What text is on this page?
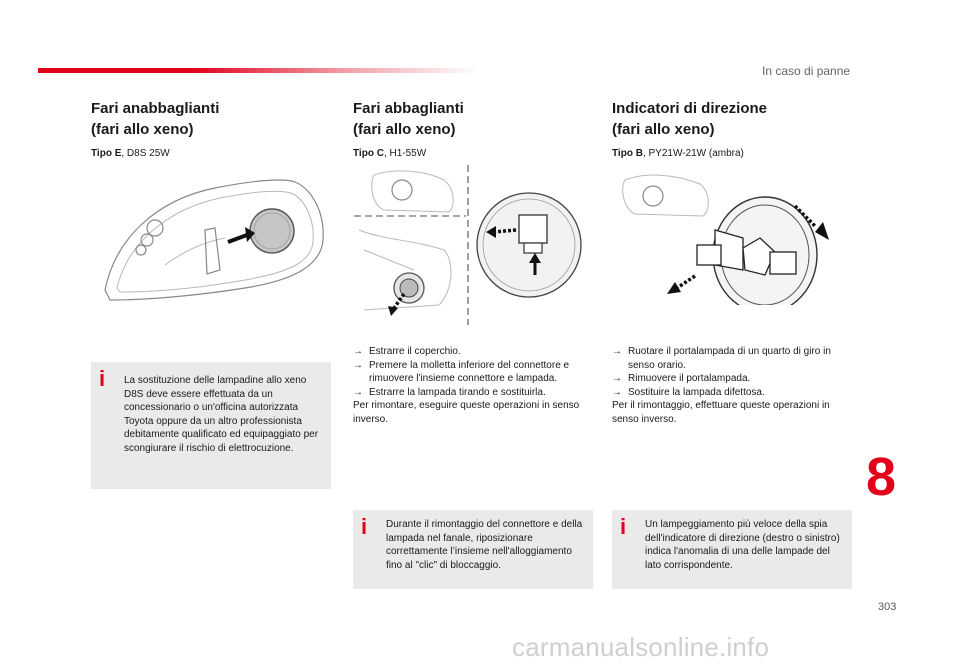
In caso di panne
Fari anabbaglianti
(fari allo xeno)
Tipo E, D8S 25W
Fari abbaglianti
(fari allo xeno)
Tipo C, H1-55W
Indicatori di direzione
(fari allo xeno)
Tipo B, PY21W-21W (ambra)
i La sostituzione delle lampadine allo xeno D8S deve essere effettuata da un concessionario o un'officina autorizzata Toyota oppure da un altro professionista debitamente qualificato ed equipaggiato per scongiurare il rischio di elettrocuzione.

→ Estrarre il coperchio.
→ Premere la molletta inferiore del connettore e rimuovere l'insieme connettore e lampada.
→ Estrarre la lampada tirando e sostituirla.
Per rimontare, eseguire queste operazioni in senso inverso.
→ Ruotare il portalampada di un quarto di giro in senso orario.
→ Rimuovere il portalampada.
→ Sostituire la lampada difettosa.
Per il rimontaggio, effettuare queste operazioni in senso inverso.
i Durante il rimontaggio del connettore e della lampada nel fanale, riposizionare correttamente l’insieme nell'alloggiamento fino al "clic" di bloccaggio.

i Un lampeggiamento più veloce della spia dell'indicatore di direzione (destro o sinistro) indica l'anomalia di una delle lampade del lato corrispondente.

8
303
carmanualsonline.info
